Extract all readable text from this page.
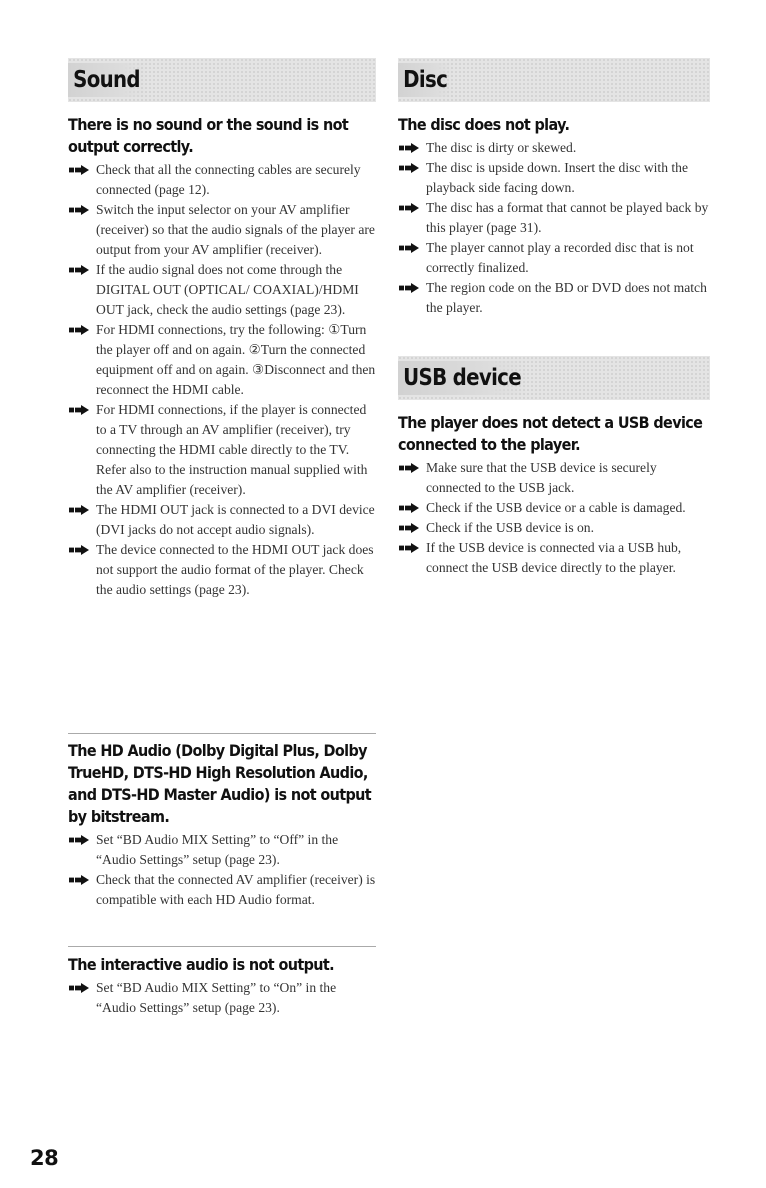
Sound
There is no sound or the sound is not output correctly.
Check that all the connecting cables are securely connected (page 12).
Switch the input selector on your AV amplifier (receiver) so that the audio signals of the player are output from your AV amplifier (receiver).
If the audio signal does not come through the DIGITAL OUT (OPTICAL/ COAXIAL)/HDMI OUT jack, check the audio settings (page 23).
For HDMI connections, try the following: ①Turn the player off and on again. ②Turn the connected equipment off and on again. ③Disconnect and then reconnect the HDMI cable.
For HDMI connections, if the player is connected to a TV through an AV amplifier (receiver), try connecting the HDMI cable directly to the TV. Refer also to the instruction manual supplied with the AV amplifier (receiver).
The HDMI OUT jack is connected to a DVI device (DVI jacks do not accept audio signals).
The device connected to the HDMI OUT jack does not support the audio format of the player. Check the audio settings (page 23).
The HD Audio (Dolby Digital Plus, Dolby TrueHD, DTS-HD High Resolution Audio, and DTS-HD Master Audio) is not output by bitstream.
Set “BD Audio MIX Setting” to “Off” in the “Audio Settings” setup (page 23).
Check that the connected AV amplifier (receiver) is compatible with each HD Audio format.
The interactive audio is not output.
Set “BD Audio MIX Setting” to “On” in the “Audio Settings” setup (page 23).
Disc
The disc does not play.
The disc is dirty or skewed.
The disc is upside down. Insert the disc with the playback side facing down.
The disc has a format that cannot be played back by this player (page 31).
The player cannot play a recorded disc that is not correctly finalized.
The region code on the BD or DVD does not match the player.
USB device
The player does not detect a USB device connected to the player.
Make sure that the USB device is securely connected to the USB jack.
Check if the USB device or a cable is damaged.
Check if the USB device is on.
If the USB device is connected via a USB hub, connect the USB device directly to the player.
28
